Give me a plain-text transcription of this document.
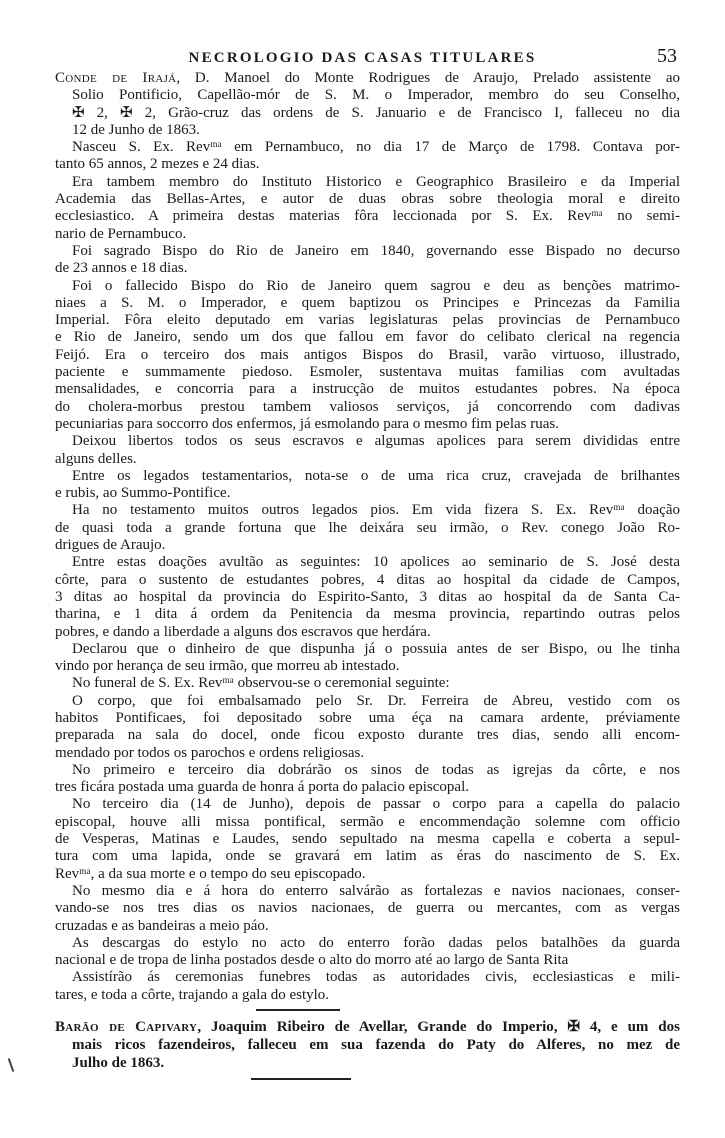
NECROLOGIO DAS CASAS TITULARES	53
Conde de Irajá, D. Manoel do Monte Rodrigues de Araujo, Prelado assistente ao
Solio Pontificio, Capellão-mór de S. M. o Imperador, membro do seu Conselho,
✠ 2, ✠ 2, Grão-cruz das ordens de S. Januario e de Francisco I, falleceu no dia
12 de Junho de 1863.
Nasceu S. Ex. Revᵐᵃ em Pernambuco, no dia 17 de Março de 1798. Contava por-
tanto 65 annos, 2 mezes e 24 dias.
Era tambem membro do Instituto Historico e Geographico Brasileiro e da Imperial
Academia das Bellas-Artes, e autor de duas obras sobre theologia moral e direito
ecclesiastico. A primeira destas materias fôra leccionada por S. Ex. Revᵐᵃ no semi-
nario de Pernambuco.
Foi sagrado Bispo do Rio de Janeiro em 1840, governando esse Bispado no decurso
de 23 annos e 18 dias.
Foi o fallecido Bispo do Rio de Janeiro quem sagrou e deu as benções matrimo-
niaes a S. M. o Imperador, e quem baptizou os Principes e Princezas da Familia
Imperial. Fôra eleito deputado em varias legislaturas pelas provincias de Pernambuco
e Rio de Janeiro, sendo um dos que fallou em favor do celibato clerical na regencia
Feijó. Era o terceiro dos mais antigos Bispos do Brasil, varão virtuoso, illustrado,
paciente e summamente piedoso. Esmoler, sustentava muitas familias com avultadas
mensalidades, e concorria para a instrucção de muitos estudantes pobres. Na época
do cholera-morbus prestou tambem valiosos serviços, já concorrendo com dadivas
pecuniarias para soccorro dos enfermos, já esmolando para o mesmo fim pelas ruas.
Deixou libertos todos os seus escravos e algumas apolices para serem divididas entre
alguns delles.
Entre os legados testamentarios, nota-se o de uma rica cruz, cravejada de brilhantes
e rubis, ao Summo-Pontifice.
Ha no testamento muitos outros legados pios. Em vida fizera S. Ex. Revᵐᵃ doação
de quasi toda a grande fortuna que lhe deixára seu irmão, o Rev. conego João Ro-
drigues de Araujo.
Entre estas doações avultão as seguintes: 10 apolices ao seminario de S. José desta
côrte, para o sustento de estudantes pobres, 4 ditas ao hospital da cidade de Campos,
3 ditas ao hospital da provincia do Espirito-Santo, 3 ditas ao hospital da de Santa Ca-
tharina, e 1 dita á ordem da Penitencia da mesma provincia, repartindo outras pelos
pobres, e dando a liberdade a alguns dos escravos que herdára.
Declarou que o dinheiro de que dispunha já o possuia antes de ser Bispo, ou lhe tinha
vindo por herança de seu irmão, que morreu ab intestado.
No funeral de S. Ex. Revᵐᵃ observou-se o ceremonial seguinte:
O corpo, que foi embalsamado pelo Sr. Dr. Ferreira de Abreu, vestido com os
habitos Pontificaes, foi depositado sobre uma éça na camara ardente, préviamente
preparada na sala do docel, onde ficou exposto durante tres dias, sendo alli encom-
mendado por todos os parochos e ordens religiosas.
No primeiro e terceiro dia dobrárão os sinos de todas as igrejas da côrte, e nos
tres ficára postada uma guarda de honra á porta do palacio episcopal.
No terceiro dia (14 de Junho), depois de passar o corpo para a capella do palacio
episcopal, houve alli missa pontifical, sermão e encommendação solemne com officio
de Vesperas, Matinas e Laudes, sendo sepultado na mesma capella e coberta a sepul-
tura com uma lapida, onde se gravará em latim as éras do nascimento de S. Ex.
Revᵐᵃ, a da sua morte e o tempo do seu episcopado.
No mesmo dia e á hora do enterro salvárão as fortalezas e navios nacionaes, conser-
vando-se nos tres dias os navios nacionaes, de guerra ou mercantes, com as vergas
cruzadas e as bandeiras a meio páo.
As descargas do estylo no acto do enterro forão dadas pelos batalhões da guarda
nacional e de tropa de linha postados desde o alto do morro até ao largo de Santa Rita
Assistírão ás ceremonias funebres todas as autoridades civis, ecclesiasticas e mili-
tares, e toda a côrte, trajando a gala do estylo.
Barão de Capivary, Joaquim Ribeiro de Avellar, Grande do Imperio, ✠ 4, e um dos
mais ricos fazendeiros, falleceu em sua fazenda do Paty do Alferes, no mez de
Julho de 1863.
